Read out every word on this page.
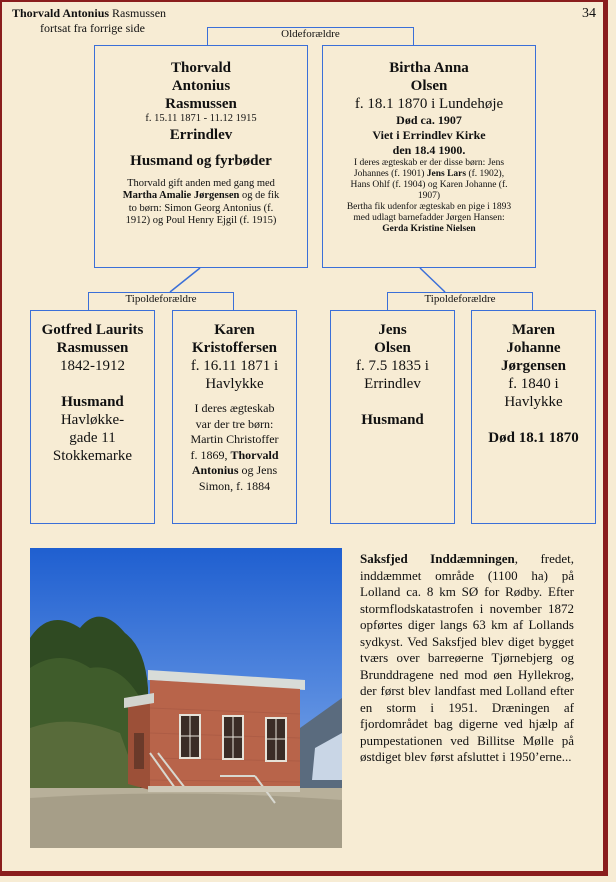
Thorvald Antonius Rasmussen
fortsat fra forrige side
34
Oldeforældre
Thorvald
Antonius
Rasmussen
f. 15.11 1871 - 11.12 1915
Errindlev
Husmand og fyrbøder
Thorvald gift anden med gang med
Martha Amalie Jørgensen og de fik
to børn: Simon Georg Antonius (f.
1912) og Poul Henry Ejgil (f. 1915)
Birtha Anna
Olsen
f. 18.1 1870 i Lundehøje
Død ca. 1907
Viet i Errindlev Kirke
den 18.4 1900.
I deres ægteskab er der disse børn: Jens
Johannes (f. 1901) Jens Lars (f. 1902),
Hans Ohlf (f. 1904) og Karen Johanne (f.
1907)
Bertha fik udenfor ægteskab en pige i 1893
med udlagt barnefadder Jørgen Hansen:
Gerda Kristine Nielsen
Tipoldeforældre	Tipoldeforældre
Gotfred Laurits
Rasmussen
1842-1912
Husmand
Havløkke-
gade 11
Stokkemarke
Karen
Kristoffersen
f. 16.11 1871 i
Havlykke
I deres ægteskab
var der tre børn:
Martin Christoffer
f. 1869, Thorvald
Antonius og Jens
Simon, f. 1884
Jens
Olsen
f. 7.5 1835 i
Errindlev
Husmand
Maren
Johanne
Jørgensen
f. 1840 i
Havlykke
Død 18.1 1870
Saksfjed Inddæmningen, fredet, inddæmmet område (1100 ha) på Lolland ca. 8 km SØ for Rødby. Efter stormflodskatastrofen i november 1872 opførtes diger langs 63 km af Lollands sydkyst. Ved Saksfjed blev diget bygget tværs over barreøerne Tjørnebjerg og Brunddragene ned mod øen Hyllekrog, der først blev landfast med Lolland efter en storm i 1951. Dræningen af fjordområdet bag digerne ved hjælp af pumpestationen ved Billitse Mølle på østdiget blev først afsluttet i 1950’erne...
